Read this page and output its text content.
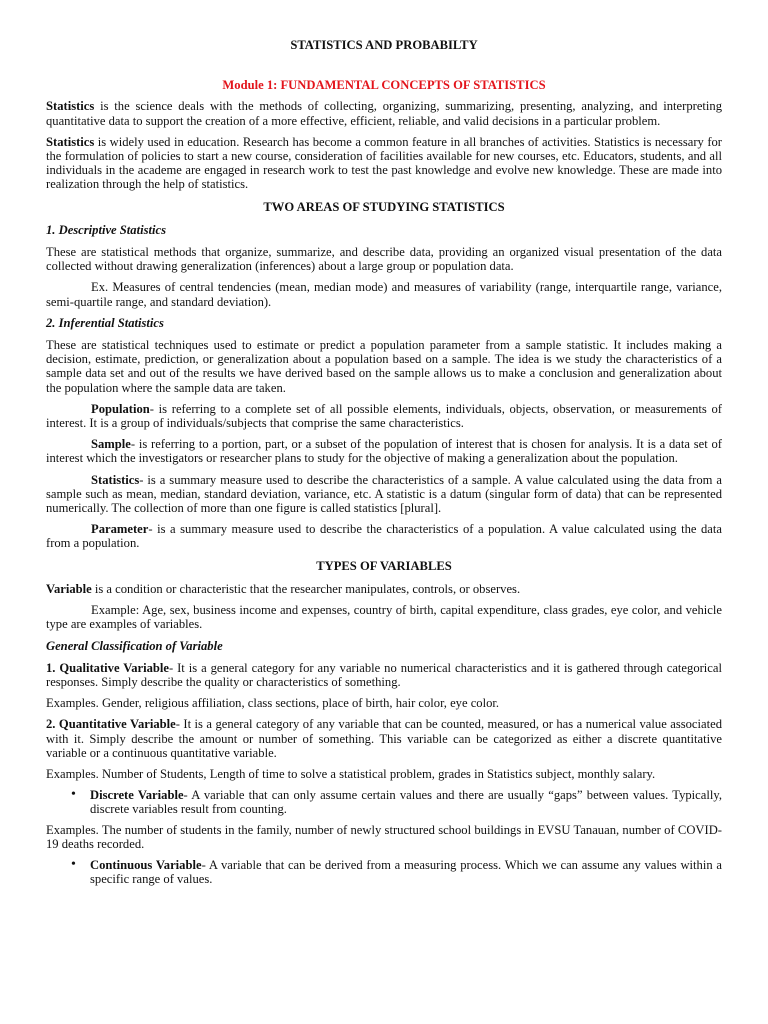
STATISTICS AND PROBABILTY

Module 1: FUNDAMENTAL CONCEPTS OF STATISTICS

Statistics is the science deals with the methods of collecting, organizing, summarizing, presenting, analyzing, and interpreting quantitative data to support the creation of a more effective, efficient, reliable, and valid decisions in a particular problem.

Statistics is widely used in education. Research has become a common feature in all branches of activities. Statistics is necessary for the formulation of policies to start a new course, consideration of facilities available for new courses, etc. Educators, students, and all individuals in the academe are engaged in research work to test the past knowledge and evolve new knowledge. These are made into realization through the help of statistics.

TWO AREAS OF STUDYING STATISTICS

1. Descriptive Statistics

These are statistical methods that organize, summarize, and describe data, providing an organized visual presentation of the data collected without drawing generalization (inferences) about a large group or population data.

Ex. Measures of central tendencies (mean, median mode) and measures of variability (range, interquartile range, variance, semi-quartile range, and standard deviation).

2. Inferential Statistics

These are statistical techniques used to estimate or predict a population parameter from a sample statistic. It includes making a decision, estimate, prediction, or generalization about a population based on a sample. The idea is we study the characteristics of a sample data set and out of the results we have derived based on the sample allows us to make a conclusion and generalization about the population where the sample data are taken.

Population- is referring to a complete set of all possible elements, individuals, objects, observation, or measurements of interest. It is a group of individuals/subjects that comprise the same characteristics.

Sample- is referring to a portion, part, or a subset of the population of interest that is chosen for analysis. It is a data set of interest which the investigators or researcher plans to study for the objective of making a generalization about the population.

Statistics- is a summary measure used to describe the characteristics of a sample. A value calculated using the data from a sample such as mean, median, standard deviation, variance, etc. A statistic is a datum (singular form of data) that can be represented numerically. The collection of more than one figure is called statistics [plural].

Parameter- is a summary measure used to describe the characteristics of a population. A value calculated using the data from a population.

TYPES OF VARIABLES

Variable is a condition or characteristic that the researcher manipulates, controls, or observes.

Example: Age, sex, business income and expenses, country of birth, capital expenditure, class grades, eye color, and vehicle type are examples of variables.

General Classification of Variable

1. Qualitative Variable- It is a general category for any variable no numerical characteristics and it is gathered through categorical responses. Simply describe the quality or characteristics of something.

Examples. Gender, religious affiliation, class sections, place of birth, hair color, eye color.

2. Quantitative Variable- It is a general category of any variable that can be counted, measured, or has a numerical value associated with it. Simply describe the amount or number of something. This variable can be categorized as either a discrete quantitative variable or a continuous quantitative variable.

Examples. Number of Students, Length of time to solve a statistical problem, grades in Statistics subject, monthly salary.

• Discrete Variable- A variable that can only assume certain values and there are usually “gaps” between values. Typically, discrete variables result from counting.

Examples. The number of students in the family, number of newly structured school buildings in EVSU Tanauan, number of COVID-19 deaths recorded.

• Continuous Variable- A variable that can be derived from a measuring process. Which we can assume any values within a specific range of values.
